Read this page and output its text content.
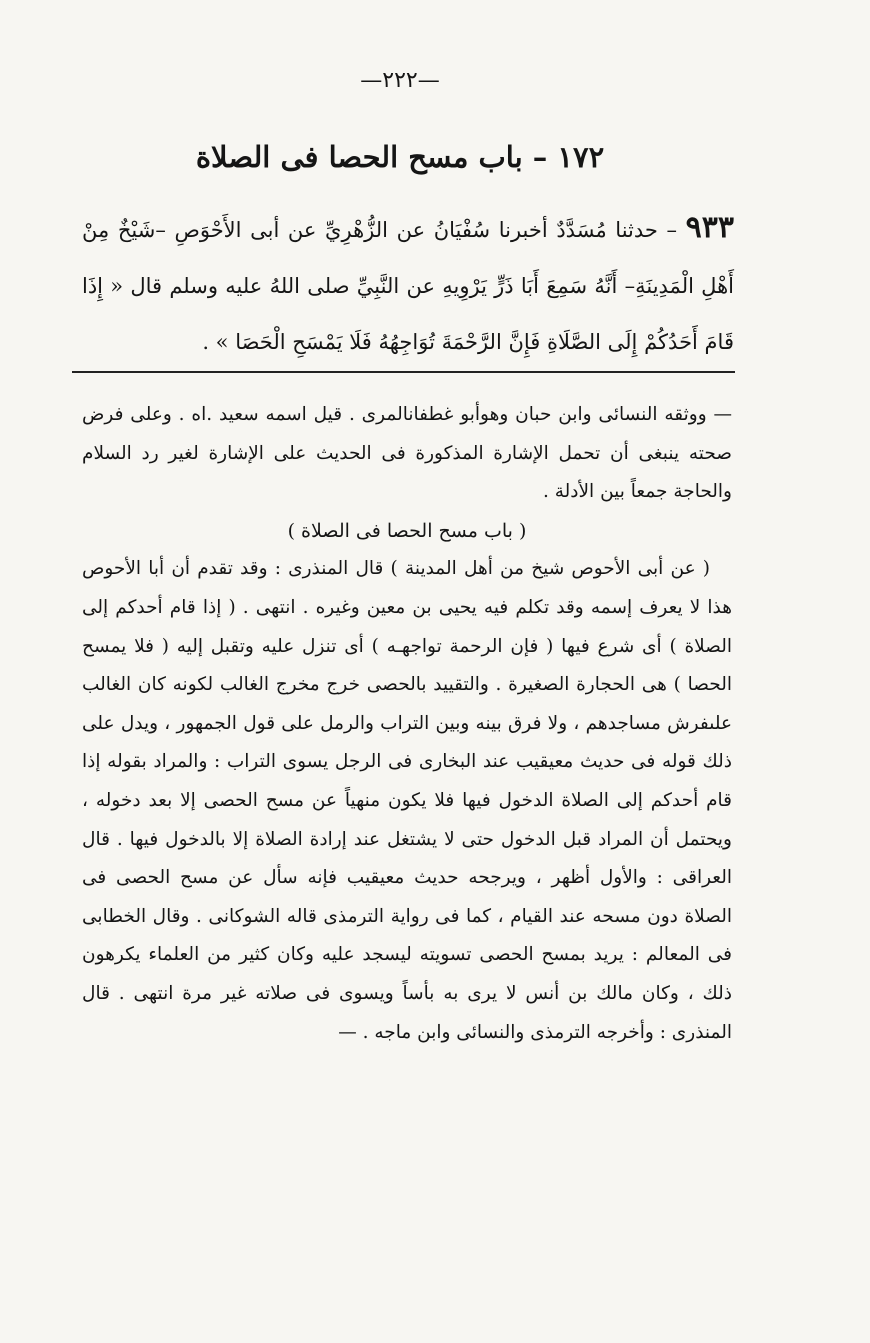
—٢٢٢—
١٧٢ – باب مسح الحصا فى الصلاة
٩٣٣ – حدثنا مُسَدَّدٌ أخبرنا سُفْيَانُ عن الزُّهْرِيِّ عن أبى الأَحْوَصِ –شَيْخٌ مِنْ أَهْلِ الْمَدِينَةِ– أَنَّهُ سَمِعَ أَبَا ذَرٍّ يَرْوِيهِ عن النَّبِيِّ صلى اللهُ عليه وسلم قال « إِذَا قَامَ أَحَدُكُمْ إِلَى الصَّلَاةِ فَإِنَّ الرَّحْمَةَ تُوَاجِهُهُ فَلَا يَمْسَحِ الْحَصَا » .

— ووثقه النسائى وابن حبان وهوأبو غطفانالمرى . قيل اسمه سعيد .اه . وعلى فرض صحته ينبغى أن تحمل الإشارة المذكورة فى الحديث على الإشارة لغير رد السلام والحاجة جمعاً بين الأدلة .

( باب مسح الحصا فى الصلاة )

( عن أبى الأحوص شيخ من أهل المدينة ) قال المنذرى : وقد تقدم أن أبا الأحوص هذا لا يعرف إسمه وقد تكلم فيه يحيى بن معين وغيره . انتهى . ( إذا قام أحدكم إلى الصلاة ) أى شرع فيها ( فإن الرحمة تواجهـه ) أى تنزل عليه وتقبل إليه ( فلا يمسح الحصا ) هى الحجارة الصغيرة . والتقييد بالحصى خرج مخرج الغالب لكونه كان الغالب علىفرش مساجدهم ، ولا فرق بينه وبين التراب والرمل على قول الجمهور ، ويدل على ذلك قوله فى حديث معيقيب عند البخارى فى الرجل يسوى التراب : والمراد بقوله إذا قام أحدكم إلى الصلاة الدخول فيها فلا يكون منهياً عن مسح الحصى إلا بعد دخوله ، ويحتمل أن المراد قبل الدخول حتى لا يشتغل عند إرادة الصلاة إلا بالدخول فيها . قال العراقى : والأول أظهر ، ويرجحه حديث معيقيب فإنه سأل عن مسح الحصى فى الصلاة دون مسحه عند القيام ، كما فى رواية الترمذى قاله الشوكانى . وقال الخطابى فى المعالم : يريد بمسح الحصى تسويته ليسجد عليه وكان كثير من العلماء يكرهون ذلك ، وكان مالك بن أنس لا يرى به بأساً ويسوى فى صلاته غير مرة انتهى . قال المنذرى : وأخرجه الترمذى والنسائى وابن ماجه . —
